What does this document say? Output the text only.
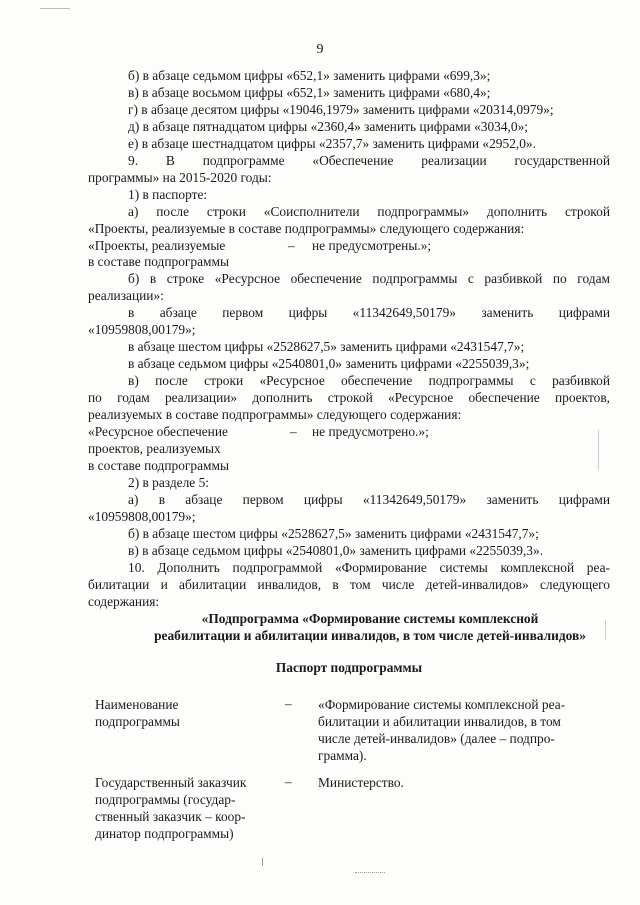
9
б) в абзаце седьмом цифры «652,1» заменить цифрами «699,3»;
в) в абзаце восьмом цифры «652,1» заменить цифрами «680,4»;
г) в абзаце десятом цифры «19046,1979» заменить цифрами «20314,0979»;
д) в абзаце пятнадцатом цифры «2360,4» заменить цифрами «3034,0»;
е) в абзаце шестнадцатом цифры «2357,7» заменить цифрами «2952,0».
9. В подпрограмме «Обеспечение реализации государственной
программы» на 2015-2020 годы:
1) в паспорте:
а) после строки «Соисполнители подпрограммы» дополнить строкой
«Проекты, реализуемые в составе подпрограммы» следующего содержания:
«Проекты, реализуемые	– не предусмотрены.»;
в составе подпрограммы
б) в строке «Ресурсное обеспечение подпрограммы с разбивкой по годам
реализации»:
в абзаце первом цифры «11342649,50179» заменить цифрами
«10959808,00179»;
в абзаце шестом цифры «2528627,5» заменить цифрами «2431547,7»;
в абзаце седьмом цифры «2540801,0» заменить цифрами «2255039,3»;
в) после строки «Ресурсное обеспечение подпрограммы с разбивкой
по годам реализации» дополнить строкой «Ресурсное обеспечение проектов,
реализуемых в составе подпрограммы» следующего содержания:
«Ресурсное обеспечение	– не предусмотрено.»;
проектов, реализуемых
в составе подпрограммы
2) в разделе 5:
а) в абзаце первом цифры «11342649,50179» заменить цифрами
«10959808,00179»;
б) в абзаце шестом цифры «2528627,5» заменить цифрами «2431547,7»;
в) в абзаце седьмом цифры «2540801,0» заменить цифрами «2255039,3».
10. Дополнить подпрограммой «Формирование системы комплексной реа-
билитации и абилитации инвалидов, в том числе детей-инвалидов» следующего
содержания:
«Подпрограмма «Формирование системы комплексной
реабилитации и абилитации инвалидов, в том числе детей-инвалидов»
Паспорт подпрограммы
Наименование
подпрограммы
– «Формирование системы комплексной реа-
билитации и абилитации инвалидов, в том
числе детей-инвалидов» (далее – подпро-
грамма).
Государственный заказчик
подпрограммы (государ-
ственный заказчик – коор-
динатор подпрограммы)
– Министерство.
